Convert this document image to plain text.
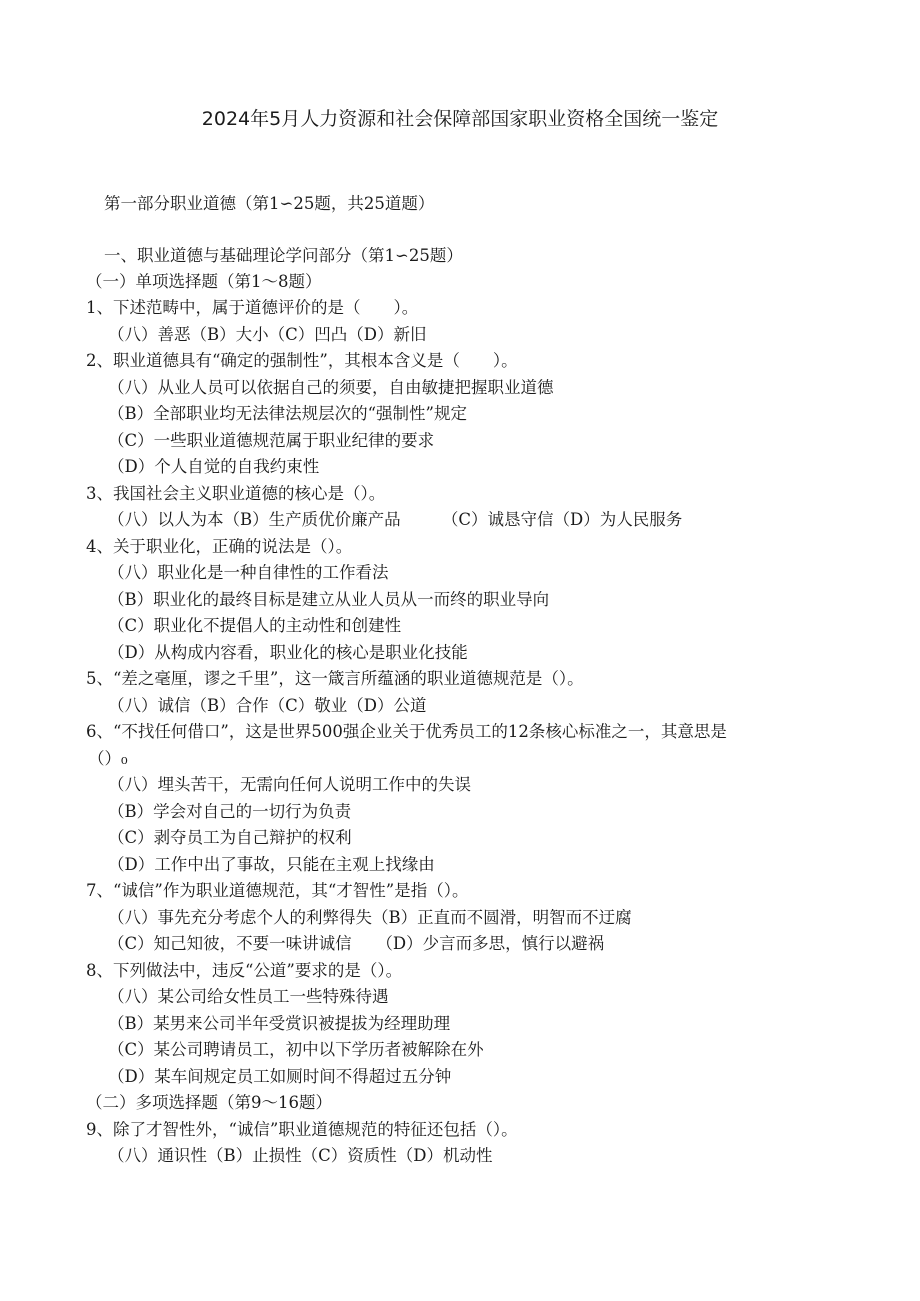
2024年5月人力资源和社会保障部国家职业资格全国统一鉴定
第一部分职业道德（第1∽25题，共25道题）
一、职业道德与基础理论学问部分（第1∽25题）
（一）单项选择题（第1～8题）
1、下述范畴中，属于道德评价的是（　　）。
（八）善恶（B）大小（C）凹凸（D）新旧
2、职业道德具有“确定的强制性”，其根本含义是（　　）。
（八）从业人员可以依据自己的须要，自由敏捷把握职业道德
（B）全部职业均无法律法规层次的“强制性”规定
（C）一些职业道德规范属于职业纪律的要求
（D）个人自觉的自我约束性
3、我国社会主义职业道德的核心是（）。
（八）以人为本（B）生产质优价廉产品　　　（C）诚恳守信（D）为人民服务
4、关于职业化，正确的说法是（）。
（八）职业化是一种自律性的工作看法
（B）职业化的最终目标是建立从业人员从一而终的职业导向
（C）职业化不提倡人的主动性和创建性
（D）从构成内容看，职业化的核心是职业化技能
5、“差之毫厘，谬之千里”，这一箴言所蕴涵的职业道德规范是（）。
（八）诚信（B）合作（C）敬业（D）公道
6、“不找任何借口”，这是世界500强企业关于优秀员工的12条核心标准之一，其意思是
（）₀
（八）埋头苦干，无需向任何人说明工作中的失误
（B）学会对自己的一切行为负责
（C）剥夺员工为自己辩护的权利
（D）工作中出了事故，只能在主观上找缘由
7、“诚信”作为职业道德规范，其“才智性”是指（）。
（八）事先充分考虑个人的利弊得失（B）正直而不圆滑，明智而不迂腐
（C）知己知彼，不要一味讲诚信　　（D）少言而多思，慎行以避祸
8、下列做法中，违反“公道”要求的是（）。
（八）某公司给女性员工一些特殊待遇
（B）某男来公司半年受赏识被提拔为经理助理
（C）某公司聘请员工，初中以下学历者被解除在外
（D）某车间规定员工如厕时间不得超过五分钟
（二）多项选择题（第9～16题）
9、除了才智性外，“诚信”职业道德规范的特征还包括（）。
（八）通识性（B）止损性（C）资质性（D）机动性
